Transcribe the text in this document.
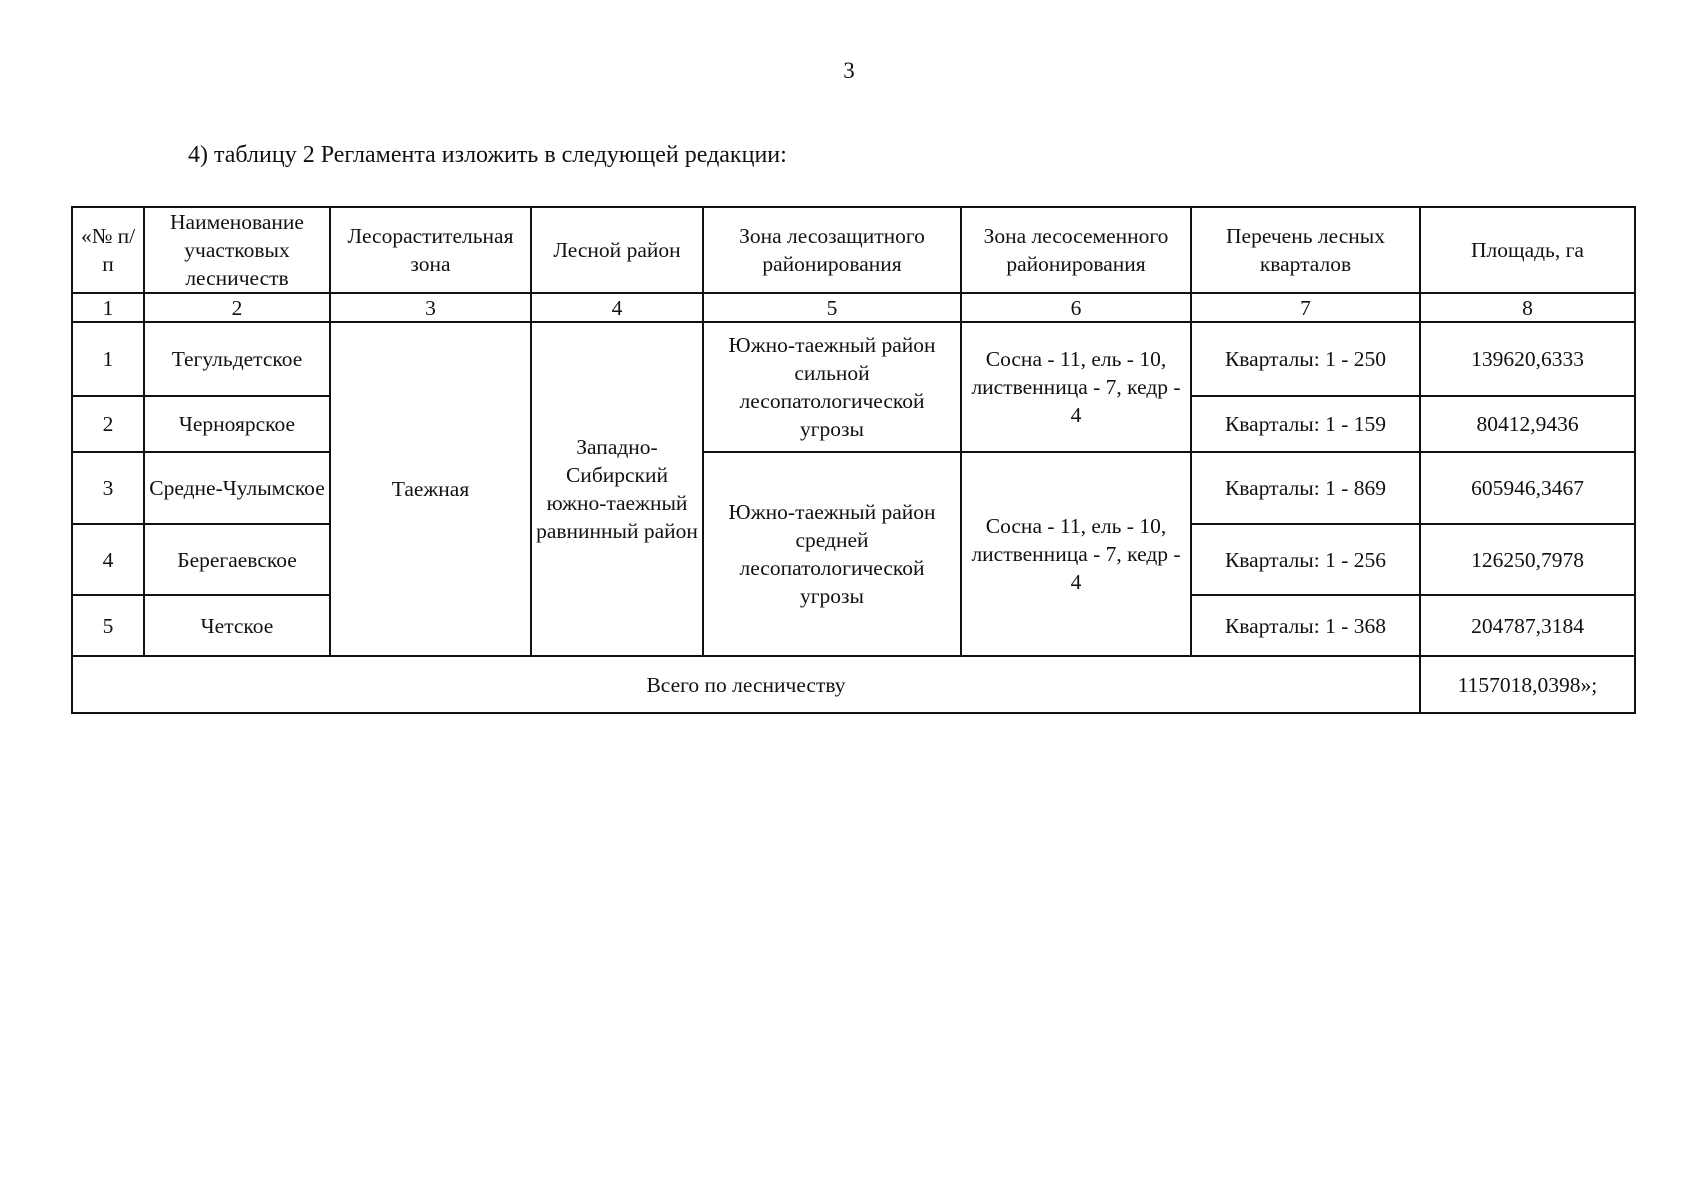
3
4) таблицу 2 Регламента изложить в следующей редакции:
«№ п/п	Наименование участковых лесничеств	Лесорастительная зона	Лесной район	Зона лесозащитного районирования	Зона лесосеменного районирования	Перечень лесных кварталов	Площадь, га
1	2	3	4	5	6	7	8
1	Тегульдетское	Таежная	Западно-Сибирский южно-таежный равнинный район	Южно-таежный район сильной лесопатологической угрозы	Сосна - 11, ель - 10, лиственница - 7, кедр - 4	Кварталы: 1 - 250	139620,6333
2	Черноярское					Кварталы: 1 - 159	80412,9436
3	Средне-Чулымское			Южно-таежный район средней лесопатологической угрозы	Сосна - 11, ель - 10, лиственница - 7, кедр - 4	Кварталы: 1 - 869	605946,3467
4	Берегаевское					Кварталы: 1 - 256	126250,7978
5	Четское					Кварталы: 1 - 368	204787,3184
Всего по лесничеству							1157018,0398»;
